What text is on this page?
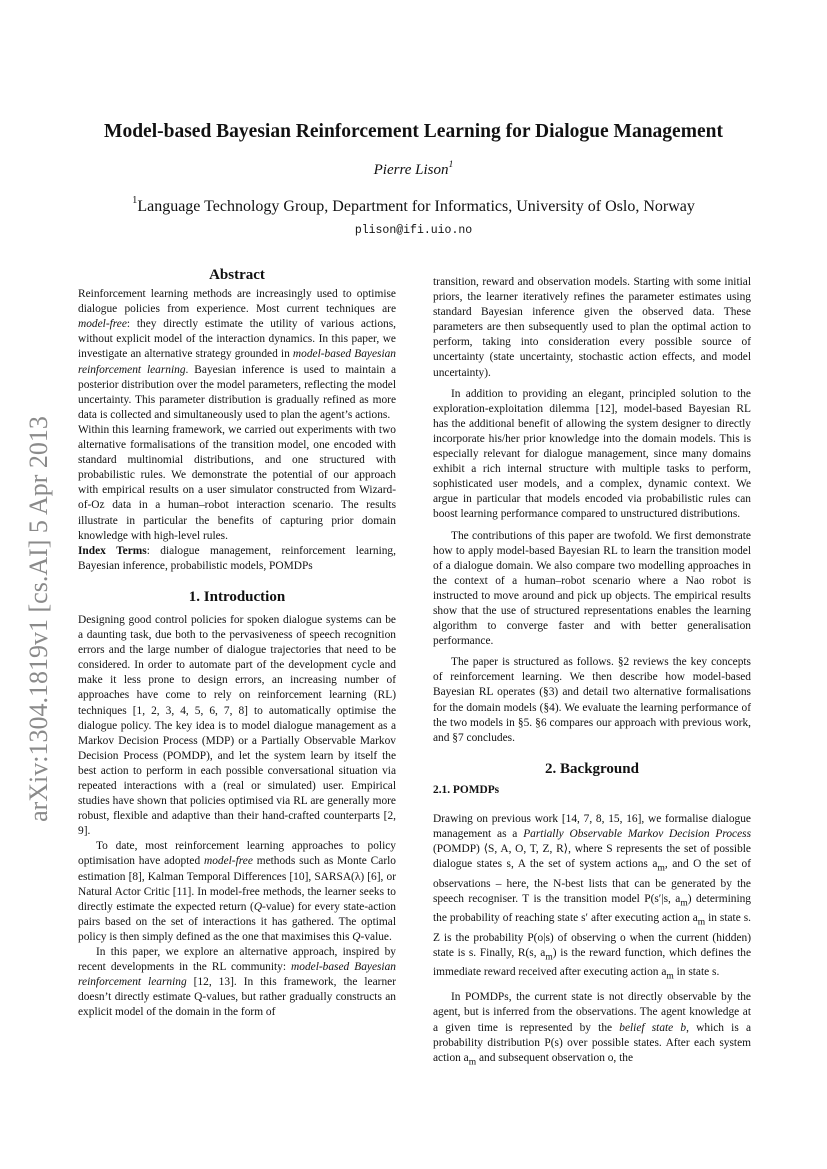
Model-based Bayesian Reinforcement Learning for Dialogue Management
Pierre Lison$^1$
$^1$Language Technology Group, Department for Informatics, University of Oslo, Norway
plison@ifi.uio.no
arXiv:1304.1819v1 [cs.AI] 5 Apr 2013
Abstract

Reinforcement learning methods are increasingly used to optimise dialogue policies from experience. Most current techniques are model-free: they directly estimate the utility of various actions, without explicit model of the interaction dynamics. In this paper, we investigate an alternative strategy grounded in model-based Bayesian reinforcement learning. Bayesian inference is used to maintain a posterior distribution over the model parameters, reflecting the model uncertainty. This parameter distribution is gradually refined as more data is collected and simultaneously used to plan the agent’s actions.

Within this learning framework, we carried out experiments with two alternative formalisations of the transition model, one encoded with standard multinomial distributions, and one structured with probabilistic rules. We demonstrate the potential of our approach with empirical results on a user simulator constructed from Wizard-of-Oz data in a human–robot interaction scenario. The results illustrate in particular the benefits of capturing prior domain knowledge with high-level rules.

Index Terms: dialogue management, reinforcement learning, Bayesian inference, probabilistic models, POMDPs

1. Introduction

Designing good control policies for spoken dialogue systems can be a daunting task, due both to the pervasiveness of speech recognition errors and the large number of dialogue trajectories that need to be considered. In order to automate part of the development cycle and make it less prone to design errors, an increasing number of approaches have come to rely on reinforcement learning (RL) techniques [1, 2, 3, 4, 5, 6, 7, 8] to automatically optimise the dialogue policy. The key idea is to model dialogue management as a Markov Decision Process (MDP) or a Partially Observable Markov Decision Process (POMDP), and let the system learn by itself the best action to perform in each possible conversational situation via repeated interactions with a (real or simulated) user. Empirical studies have shown that policies optimised via RL are generally more robust, flexible and adaptive than their hand-crafted counterparts [2, 9].

To date, most reinforcement learning approaches to policy optimisation have adopted model-free methods such as Monte Carlo estimation [8], Kalman Temporal Differences [10], SARSA(λ) [6], or Natural Actor Critic [11]. In model-free methods, the learner seeks to directly estimate the expected return (Q-value) for every state-action pairs based on the set of interactions it has gathered. The optimal policy is then simply defined as the one that maximises this Q-value.

In this paper, we explore an alternative approach, inspired by recent developments in the RL community: model-based Bayesian reinforcement learning [12, 13]. In this framework, the learner doesn’t directly estimate Q-values, but rather gradually constructs an explicit model of the domain in the form of

transition, reward and observation models. Starting with some initial priors, the learner iteratively refines the parameter estimates using standard Bayesian inference given the observed data. These parameters are then subsequently used to plan the optimal action to perform, taking into consideration every possible source of uncertainty (state uncertainty, stochastic action effects, and model uncertainty).

In addition to providing an elegant, principled solution to the exploration-exploitation dilemma [12], model-based Bayesian RL has the additional benefit of allowing the system designer to directly incorporate his/her prior knowledge into the domain models. This is especially relevant for dialogue management, since many domains exhibit a rich internal structure with multiple tasks to perform, sophisticated user models, and a complex, dynamic context. We argue in particular that models encoded via probabilistic rules can boost learning performance compared to unstructured distributions.

The contributions of this paper are twofold. We first demonstrate how to apply model-based Bayesian RL to learn the transition model of a dialogue domain. We also compare two modelling approaches in the context of a human–robot scenario where a Nao robot is instructed to move around and pick up objects. The empirical results show that the use of structured representations enables the learning algorithm to converge faster and with better generalisation performance.

The paper is structured as follows. §2 reviews the key concepts of reinforcement learning. We then describe how model-based Bayesian RL operates (§3) and detail two alternative formalisations for the domain models (§4). We evaluate the learning performance of the two models in §5. §6 compares our approach with previous work, and §7 concludes.

2. Background
2.1. POMDPs

Drawing on previous work [14, 7, 8, 15, 16], we formalise dialogue management as a Partially Observable Markov Decision Process (POMDP) ⟨S, A, O, T, Z, R⟩, where S represents the set of possible dialogue states s, A the set of system actions $a_m$, and O the set of observations – here, the N-best lists that can be generated by the speech recogniser. T is the transition model P(s′|s, $a_m$) determining the probability of reaching state s′ after executing action $a_m$ in state s. Z is the probability P(o|s) of observing o when the current (hidden) state is s. Finally, R(s, $a_m$) is the reward function, which defines the immediate reward received after executing action $a_m$ in state s.

In POMDPs, the current state is not directly observable by the agent, but is inferred from the observations. The agent knowledge at a given time is represented by the belief state b, which is a probability distribution P(s) over possible states. After each system action $a_m$ and subsequent observation o, the
